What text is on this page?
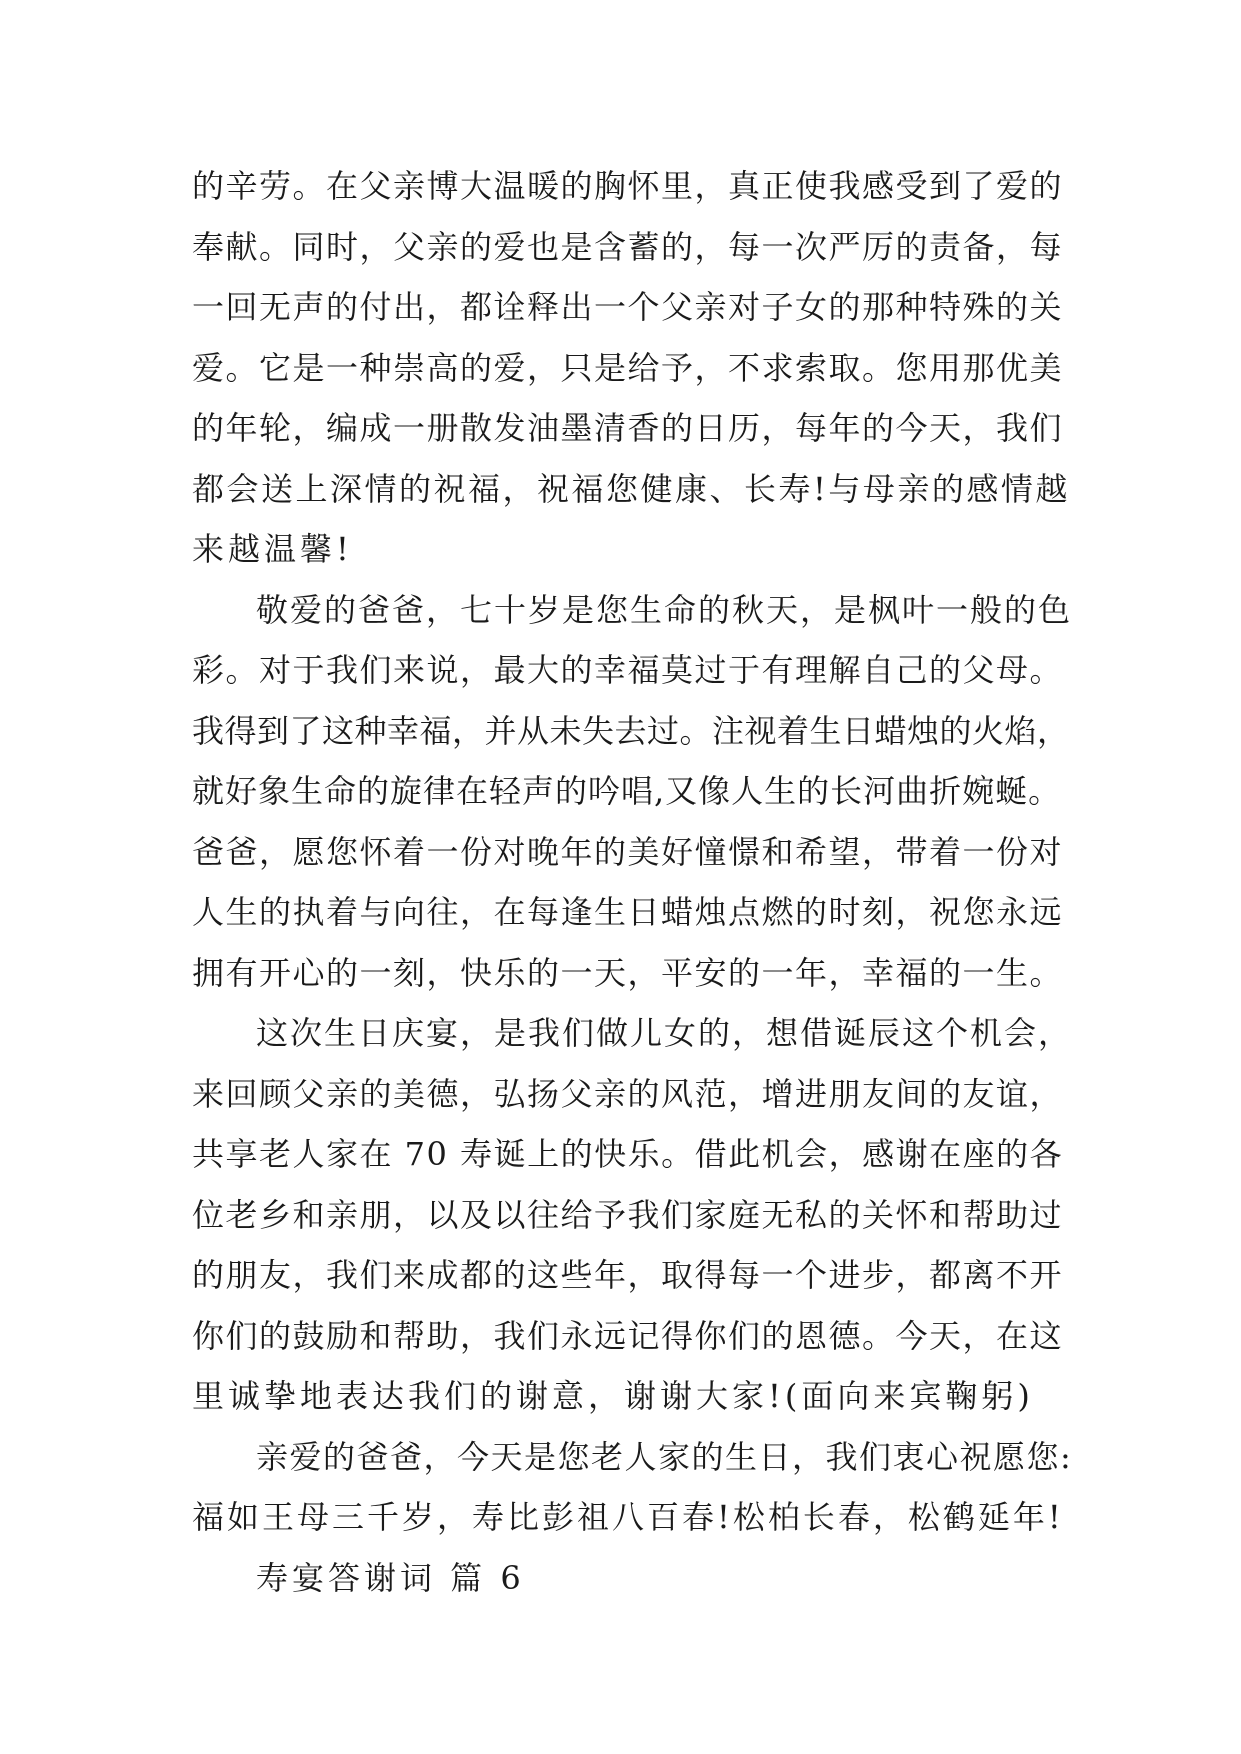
的辛劳。在父亲博大温暖的胸怀里，真正使我感受到了爱的
奉献。同时，父亲的爱也是含蓄的，每一次严厉的责备，每
一回无声的付出，都诠释出一个父亲对子女的那种特殊的关
爱。它是一种崇高的爱，只是给予，不求索取。您用那优美
的年轮，编成一册散发油墨清香的日历，每年的今天，我们
都会送上深情的祝福，祝福您健康、长寿!与母亲的感情越
来越温馨!
敬爱的爸爸，七十岁是您生命的秋天，是枫叶一般的色
彩。对于我们来说，最大的幸福莫过于有理解自己的父母。
我得到了这种幸福，并从未失去过。注视着生日蜡烛的火焰，
就好象生命的旋律在轻声的吟唱,又像人生的长河曲折婉蜒。
爸爸，愿您怀着一份对晚年的美好憧憬和希望，带着一份对
人生的执着与向往，在每逢生日蜡烛点燃的时刻，祝您永远
拥有开心的一刻，快乐的一天，平安的一年，幸福的一生。
这次生日庆宴，是我们做儿女的，想借诞辰这个机会，
来回顾父亲的美德，弘扬父亲的风范，增进朋友间的友谊，
共享老人家在 70 寿诞上的快乐。借此机会，感谢在座的各
位老乡和亲朋，以及以往给予我们家庭无私的关怀和帮助过
的朋友，我们来成都的这些年，取得每一个进步，都离不开
你们的鼓励和帮助，我们永远记得你们的恩德。今天，在这
里诚挚地表达我们的谢意，谢谢大家!(面向来宾鞠躬)
亲爱的爸爸，今天是您老人家的生日，我们衷心祝愿您:
福如王母三千岁，寿比彭祖八百春!松柏长春，松鹤延年!
寿宴答谢词 篇 6
